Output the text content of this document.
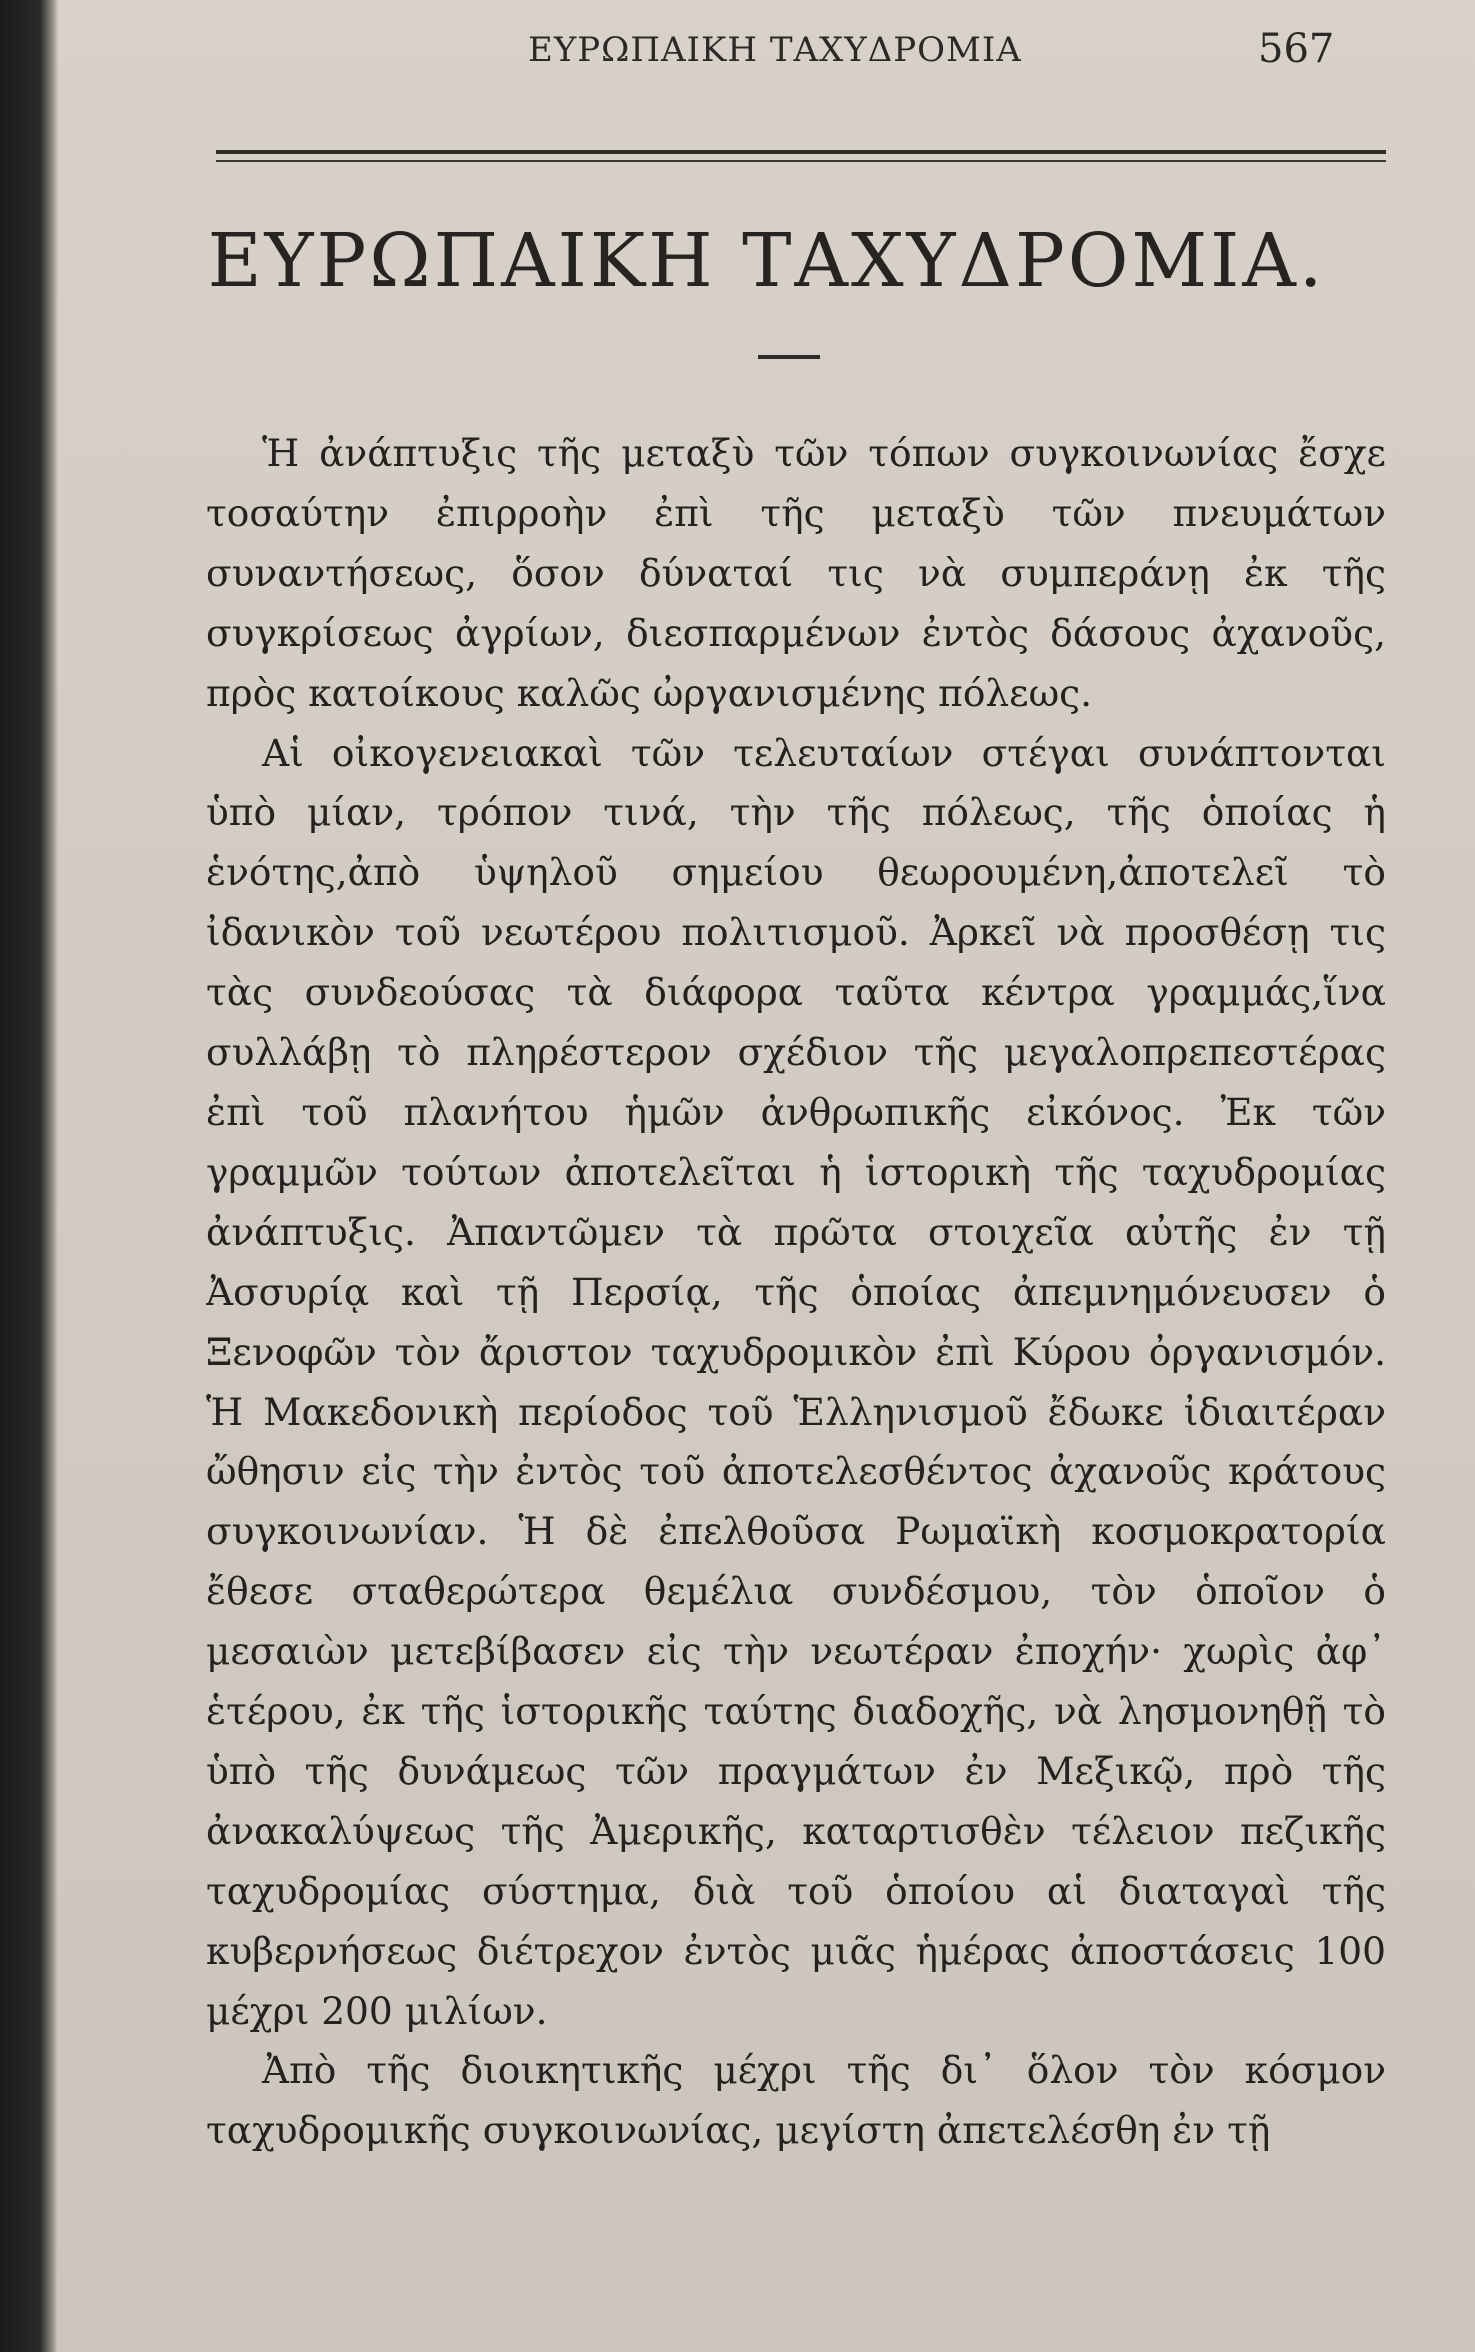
ΕΥΡΩΠΑΙΚΗ ΤΑΧΥΔΡΟΜΙΑ	567
ΕΥΡΩΠΑΙΚΗ ΤΑΧΥΔΡΟΜΙΑ.

Ἡ ἀνάπτυξις τῆς μεταξὺ τῶν τόπων συγκοινωνίας ἔσχε τοσαύτην ἐπιρροὴν ἐπὶ τῆς μεταξὺ τῶν πνευμάτων συναντήσεως, ὅσον δύναταί τις νὰ συμπεράνῃ ἐκ τῆς συγκρίσεως ἀγρίων, διεσπαρμένων ἐντὸς δάσους ἀχανοῦς, πρὸς κατοίκους καλῶς ὠργανισμένης πόλεως.

Αἱ οἰκογενειακαὶ τῶν τελευταίων στέγαι συνάπτονται ὑπὸ μίαν, τρόπον τινά, τὴν τῆς πόλεως, τῆς ὁποίας ἡ ἑνότης,ἀπὸ ὑψηλοῦ σημείου θεωρουμένη,ἀποτελεῖ τὸ ἰδανικὸν τοῦ νεωτέρου πολιτισμοῦ. Ἀρκεῖ νὰ προσθέσῃ τις τὰς συνδεούσας τὰ διάφορα ταῦτα κέντρα γραμμάς,ἵνα συλλάβῃ τὸ πληρέστερον σχέδιον τῆς μεγαλοπρεπεστέρας ἐπὶ τοῦ πλανήτου ἡμῶν ἀνθρωπικῆς εἰκόνος. Ἐκ τῶν γραμμῶν τούτων ἀποτελεῖται ἡ ἱστορικὴ τῆς ταχυδρομίας ἀνάπτυξις. Ἀπαντῶμεν τὰ πρῶτα στοιχεῖα αὐτῆς ἐν τῇ Ἀσσυρίᾳ καὶ τῇ Περσίᾳ, τῆς ὁποίας ἀπεμνημόνευσεν ὁ Ξενοφῶν τὸν ἄριστον ταχυδρομικὸν ἐπὶ Κύρου ὀργανισμόν. Ἡ Μακεδονικὴ περίοδος τοῦ Ἑλληνισμοῦ ἔδωκε ἰδιαιτέραν ὤθησιν εἰς τὴν ἐντὸς τοῦ ἀποτελεσθέντος ἀχανοῦς κράτους συγκοινωνίαν. Ἡ δὲ ἐπελθοῦσα Ρωμαϊκὴ κοσμοκρατορία ἔθεσε σταθερώτερα θεμέλια συνδέσμου, τὸν ὁποῖον ὁ μεσαιὼν μετεβίβασεν εἰς τὴν νεωτέραν ἐποχήν· χωρὶς ἀφ᾽ ἑτέρου, ἐκ τῆς ἱστορικῆς ταύτης διαδοχῆς, νὰ λησμονηθῇ τὸ ὑπὸ τῆς δυνάμεως τῶν πραγμάτων ἐν Μεξικῷ, πρὸ τῆς ἀνακαλύψεως τῆς Ἀμερικῆς, καταρτισθὲν τέλειον πεζικῆς ταχυδρομίας σύστημα, διὰ τοῦ ὁποίου αἱ διαταγαὶ τῆς κυβερνήσεως διέτρεχον ἐντὸς μιᾶς ἡμέρας ἀποστάσεις 100 μέχρι 200 μιλίων.

Ἀπὸ τῆς διοικητικῆς μέχρι τῆς δι᾽ ὅλον τὸν κόσμον ταχυδρομικῆς συγκοινωνίας, μεγίστη ἀπετελέσθη ἐν τῇ
